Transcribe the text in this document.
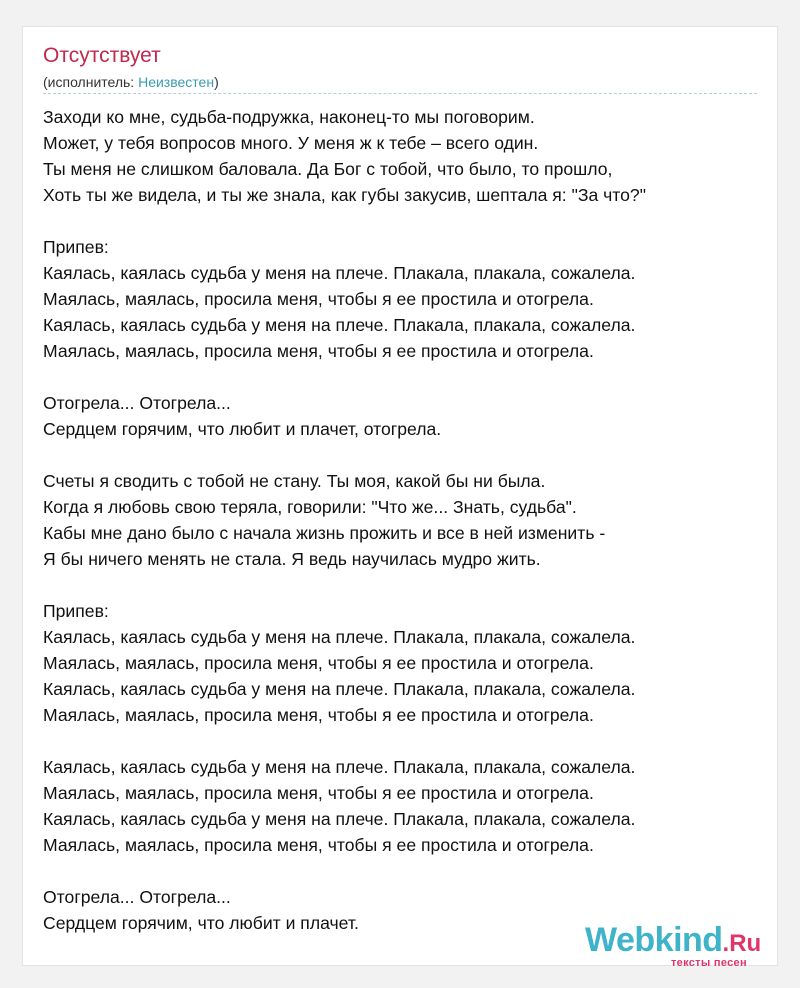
Отсутствует
(исполнитель: Неизвестен)
Заходи ко мне, судьба-подружка, наконец-то мы поговорим.
Может, у тебя вопросов много. У меня ж к тебе – всего один.
Ты меня не слишком баловала. Да Бог с тобой, что было, то прошло,
Хоть ты же видела, и ты же знала, как губы закусив, шептала я: "За что?"
Припев:
Каялась, каялась судьба у меня на плече. Плакала, плакала, сожалела.
Маялась, маялась, просила меня, чтобы я ее простила и отогрела.
Каялась, каялась судьба у меня на плече. Плакала, плакала, сожалела.
Маялась, маялась, просила меня, чтобы я ее простила и отогрела.
Отогрела... Отогрела...
Сердцем горячим, что любит и плачет, отогрела.
Счеты я сводить с тобой не стану. Ты моя, какой бы ни была.
Когда я любовь свою теряла, говорили: "Что же... Знать, судьба".
Кабы мне дано было с начала жизнь прожить и все в ней изменить -
Я бы ничего менять не стала. Я ведь научилась мудро жить.
Припев:
Каялась, каялась судьба у меня на плече. Плакала, плакала, сожалела.
Маялась, маялась, просила меня, чтобы я ее простила и отогрела.
Каялась, каялась судьба у меня на плече. Плакала, плакала, сожалела.
Маялась, маялась, просила меня, чтобы я ее простила и отогрела.
Каялась, каялась судьба у меня на плече. Плакала, плакала, сожалела.
Маялась, маялась, просила меня, чтобы я ее простила и отогрела.
Каялась, каялась судьба у меня на плече. Плакала, плакала, сожалела.
Маялась, маялась, просила меня, чтобы я ее простила и отогрела.
Отогрела... Отогрела...
Сердцем горячим, что любит и плачет.	Webkind.Ru
тексты песен
